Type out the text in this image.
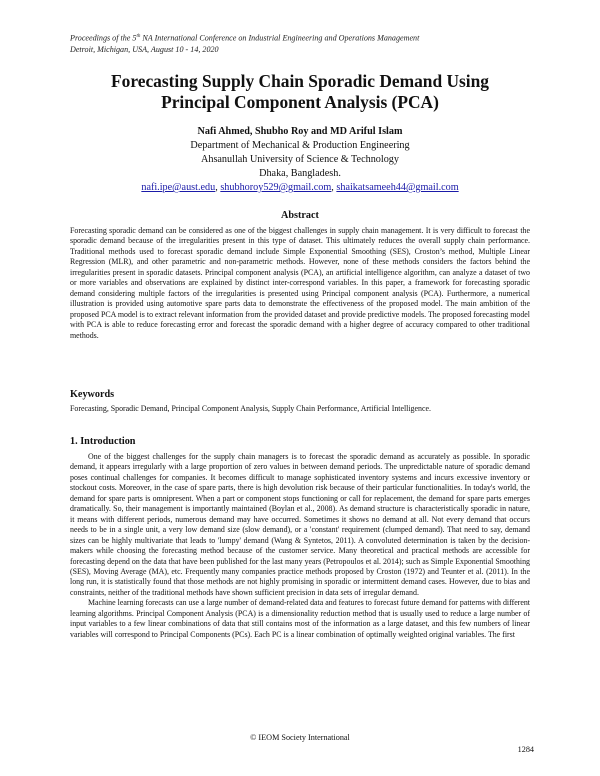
Proceedings of the 5th NA International Conference on Industrial Engineering and Operations Management
Detroit, Michigan, USA, August 10 - 14, 2020
Forecasting Supply Chain Sporadic Demand Using
Principal Component Analysis (PCA)
Nafi Ahmed, Shubho Roy and MD Ariful Islam
Department of Mechanical & Production Engineering
Ahsanullah University of Science & Technology
Dhaka, Bangladesh.
nafi.ipe@aust.edu, shubhoroy529@gmail.com, shaikatsameeh44@gmail.com
Abstract
Forecasting sporadic demand can be considered as one of the biggest challenges in supply chain management. It is very difficult to forecast the sporadic demand because of the irregularities present in this type of dataset. This ultimately reduces the overall supply chain performance. Traditional methods used to forecast sporadic demand include Simple Exponential Smoothing (SES), Croston’s method, Multiple Linear Regression (MLR), and other parametric and non-parametric methods. However, none of these methods considers the factors behind the irregularities present in sporadic datasets. Principal component analysis (PCA), an artificial intelligence algorithm, can analyze a dataset of two or more variables and observations are explained by distinct inter-correspond variables. In this paper, a framework for forecasting sporadic demand considering multiple factors of the irregularities is presented using Principal component analysis (PCA). Furthermore, a numerical illustration is provided using automotive spare parts data to demonstrate the effectiveness of the proposed model. The main ambition of the proposed PCA model is to extract relevant information from the provided dataset and provide predictive models. The proposed forecasting model with PCA is able to reduce forecasting error and forecast the sporadic demand with a higher degree of accuracy compared to other traditional methods.
Keywords
Forecasting, Sporadic Demand, Principal Component Analysis, Supply Chain Performance, Artificial Intelligence.
1. Introduction

One of the biggest challenges for the supply chain managers is to forecast the sporadic demand as accurately as possible. In sporadic demand, it appears irregularly with a large proportion of zero values in between demand periods. The unpredictable nature of sporadic demand poses continual challenges for companies. It becomes difficult to manage sophisticated inventory systems and incurs excessive inventory or stockout costs. Moreover, in the case of spare parts, there is high devolution risk because of their particular functionalities. In today's world, the demand for spare parts is omnipresent. When a part or component stops functioning or call for replacement, the demand for spare parts emerges dramatically. So, their management is importantly maintained (Boylan et al., 2008). As demand structure is characteristically sporadic in nature, it means with different periods, numerous demand may have occurred. Sometimes it shows no demand at all. Not every demand that occurs needs to be in a single unit, a very low demand size (slow demand), or a 'constant' requirement (clumped demand). That need to say, demand sizes can be highly multivariate that leads to 'lumpy' demand (Wang & Syntetos, 2011). A convoluted determination is taken by the decision-makers while choosing the forecasting method because of the customer service. Many theoretical and practical methods are accessible for forecasting depend on the data that have been published for the last many years (Petropoulos et al. 2014); such as Simple Exponential Smoothing (SES), Moving Average (MA), etc. Frequently many companies practice methods proposed by Croston (1972) and Teunter et al. (2011). In the long run, it is statistically found that those methods are not highly promising in sporadic or intermittent demand cases. However, due to bias and constraints, neither of the traditional methods have shown sufficient precision in data sets of irregular demand.

Machine learning forecasts can use a large number of demand-related data and features to forecast future demand for patterns with different learning algorithms. Principal Component Analysis (PCA) is a dimensionality reduction method that is usually used to reduce a large number of input variables to a few linear combinations of data that still contains most of the information as a large dataset, and this few numbers of linear variables will correspond to Principal Components (PCs). Each PC is a linear combination of optimally weighted original variables. The first

© IEOM Society International
1284
